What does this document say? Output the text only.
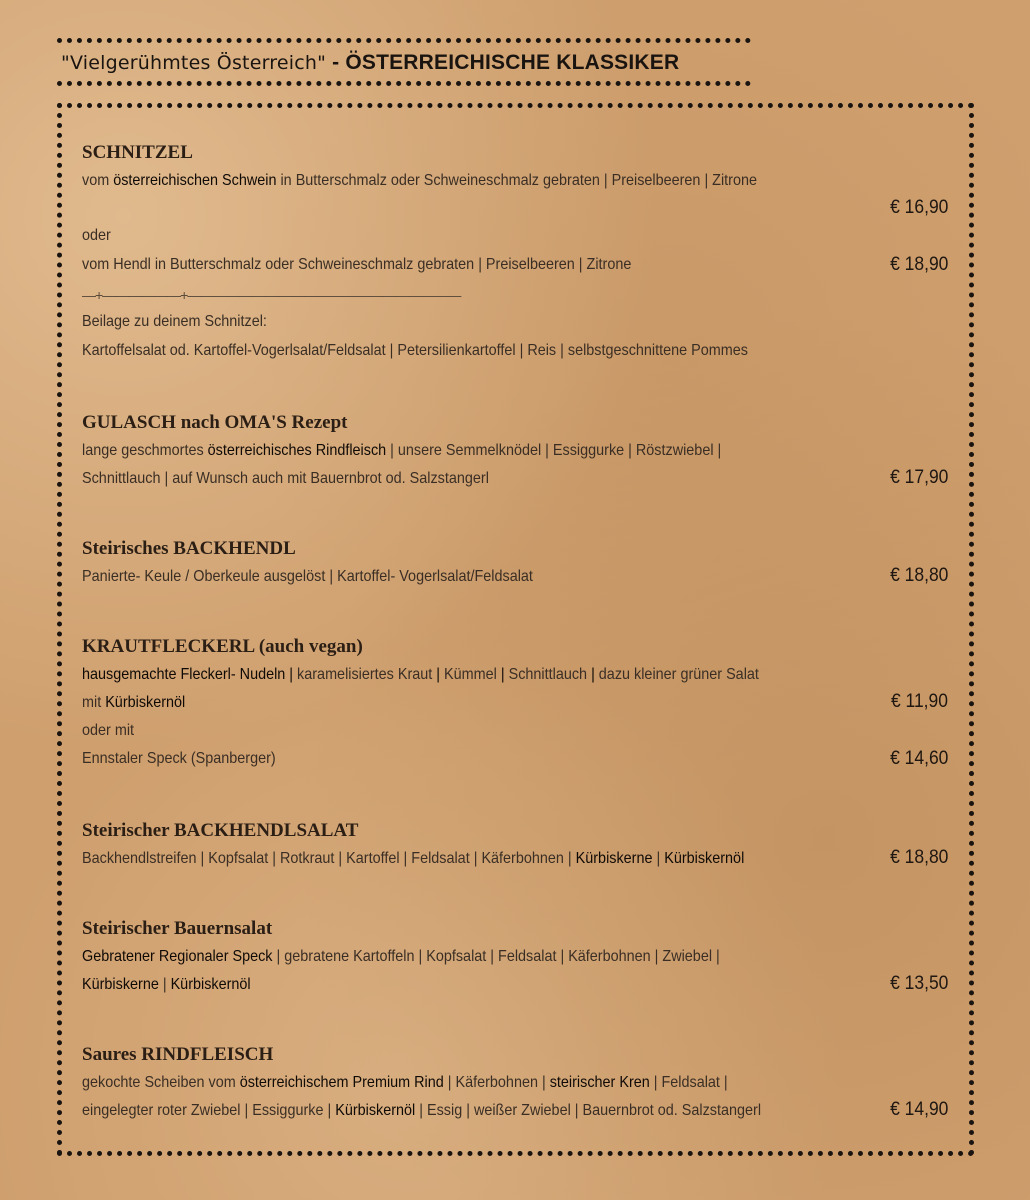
"Vielgerühmtes Österreich" - ÖSTERREICHISCHE KLASSIKER
SCHNITZEL
vom österreichischen Schwein in Butterschmalz oder Schweineschmalz gebraten | Preiselbeeren | Zitrone
€ 16,90
oder
vom Hendl in Butterschmalz oder Schweineschmalz gebraten | Preiselbeeren | Zitrone	€ 18,90
—+——————+—————————————————————
Beilage zu deinem Schnitzel:
Kartoffelsalat od. Kartoffel-Vogerlsalat/Feldsalat | Petersilienkartoffel | Reis | selbstgeschnittene Pommes
GULASCH nach OMA'S Rezept
lange geschmortes österreichisches Rindfleisch | unsere Semmelknödel | Essiggurke | Röstzwiebel |
Schnittlauch | auf Wunsch auch mit Bauernbrot od. Salzstangerl	€ 17,90
Steirisches BACKHENDL
Panierte- Keule / Oberkeule ausgelöst | Kartoffel- Vogerlsalat/Feldsalat	€ 18,80
KRAUTFLECKERL (auch vegan)
hausgemachte Fleckerl- Nudeln | karamelisiertes Kraut | Kümmel | Schnittlauch | dazu kleiner grüner Salat
mit Kürbiskernöl	€ 11,90
oder mit
Ennstaler Speck (Spanberger)	€ 14,60
Steirischer BACKHENDLSALAT
Backhendlstreifen | Kopfsalat | Rotkraut | Kartoffel | Feldsalat | Käferbohnen | Kürbiskerne | Kürbiskernöl	€ 18,80
Steirischer Bauernsalat
Gebratener Regionaler Speck | gebratene Kartoffeln | Kopfsalat | Feldsalat | Käferbohnen | Zwiebel |
Kürbiskerne | Kürbiskernöl	€ 13,50
Saures RINDFLEISCH
gekochte Scheiben vom österreichischem Premium Rind | Käferbohnen | steirischer Kren | Feldsalat |
eingelegter roter Zwiebel | Essiggurke | Kürbiskernöl | Essig | weißer Zwiebel | Bauernbrot od. Salzstangerl	€ 14,90
